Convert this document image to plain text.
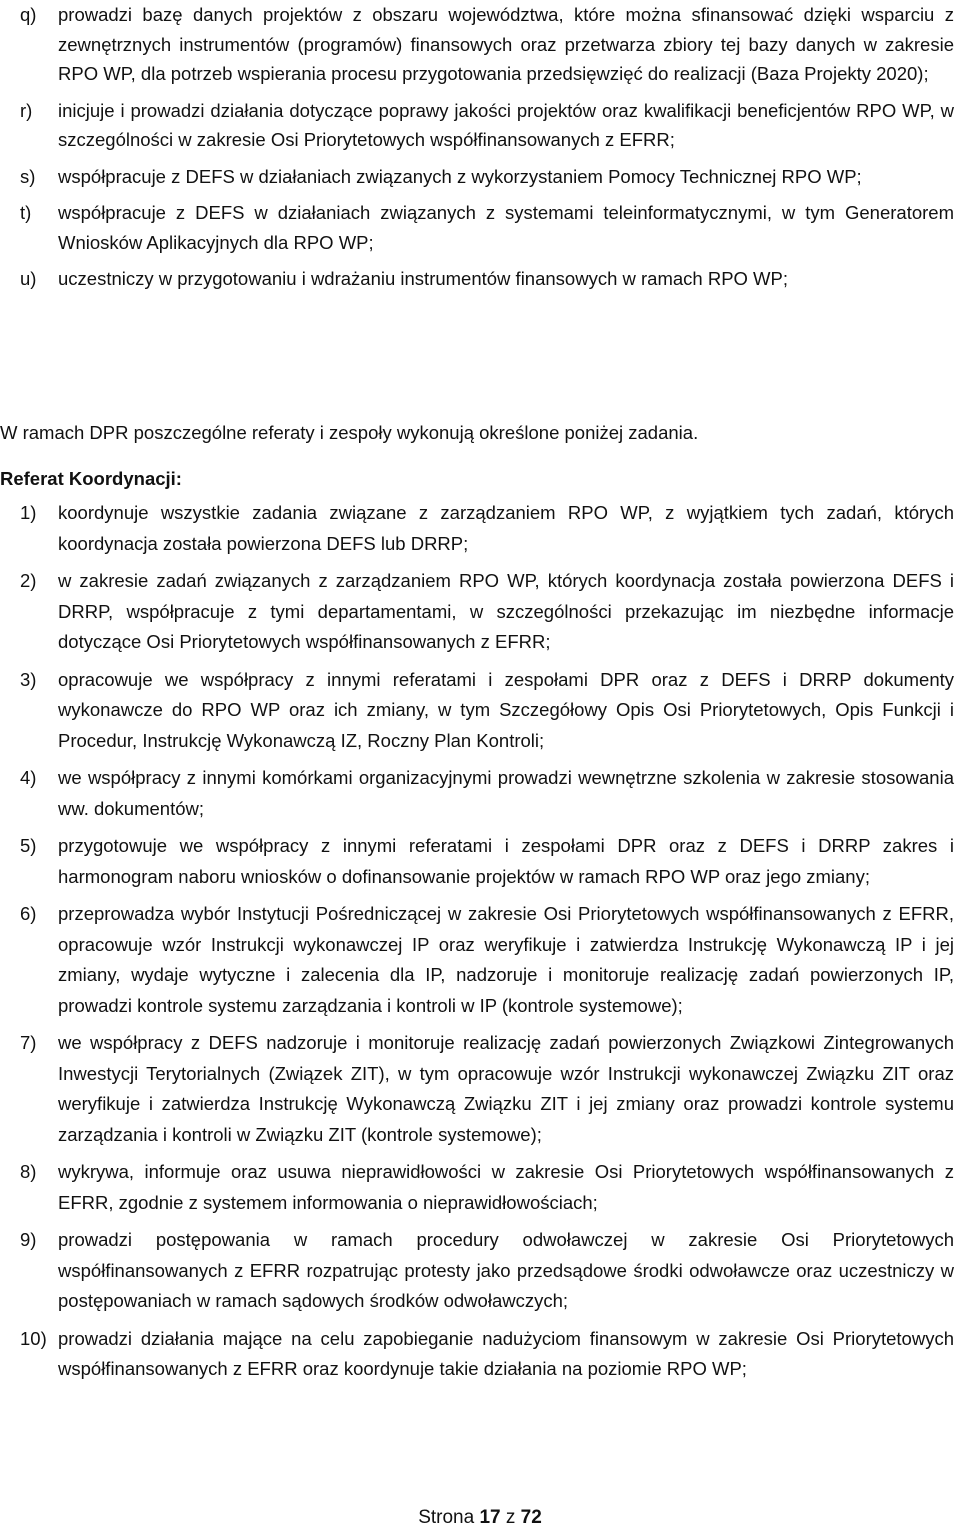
q)	prowadzi bazę danych projektów z obszaru województwa, które można sfinansować dzięki wsparciu z zewnętrznych instrumentów (programów) finansowych oraz przetwarza zbiory tej bazy danych w zakresie RPO WP, dla potrzeb wspierania procesu przygotowania przedsięwzięć do realizacji (Baza Projekty 2020);
r)	inicjuje i prowadzi działania dotyczące poprawy jakości projektów oraz kwalifikacji beneficjentów RPO WP, w szczególności w zakresie Osi Priorytetowych współfinansowanych z EFRR;
s)	współpracuje z DEFS w działaniach związanych z wykorzystaniem Pomocy Technicznej RPO WP;
t)	współpracuje z DEFS w działaniach związanych z systemami teleinformatycznymi, w tym Generatorem Wniosków Aplikacyjnych dla RPO WP;
u)	uczestniczy w przygotowaniu i wdrażaniu instrumentów finansowych w ramach RPO WP;

W ramach DPR poszczególne referaty i zespoły wykonują określone poniżej zadania.

Referat Koordynacji:

1)	koordynuje wszystkie zadania związane z zarządzaniem RPO WP, z wyjątkiem tych zadań, których koordynacja została powierzona DEFS lub DRRP;
2)	w zakresie zadań związanych z zarządzaniem RPO WP, których koordynacja została powierzona DEFS i DRRP, współpracuje z tymi departamentami, w szczególności przekazując im niezbędne informacje dotyczące Osi Priorytetowych współfinansowanych z EFRR;
3)	opracowuje we współpracy z innymi referatami i zespołami DPR oraz z DEFS i DRRP dokumenty wykonawcze do RPO WP oraz ich zmiany, w tym Szczegółowy Opis Osi Priorytetowych, Opis Funkcji i Procedur, Instrukcję Wykonawczą IZ, Roczny Plan Kontroli;
4)	we współpracy z innymi komórkami organizacyjnymi prowadzi wewnętrzne szkolenia w zakresie stosowania ww. dokumentów;
5)	przygotowuje we współpracy z innymi referatami i zespołami DPR oraz z DEFS i DRRP zakres i harmonogram naboru wniosków o dofinansowanie projektów w ramach RPO WP oraz jego zmiany;
6)	przeprowadza wybór Instytucji Pośredniczącej w zakresie Osi Priorytetowych współfinansowanych z EFRR, opracowuje wzór Instrukcji wykonawczej IP oraz weryfikuje i zatwierdza Instrukcję Wykonawczą IP i jej zmiany, wydaje wytyczne i zalecenia dla IP, nadzoruje i monitoruje realizację zadań powierzonych IP, prowadzi kontrole systemu zarządzania i kontroli w IP (kontrole systemowe);
7)	we współpracy z DEFS nadzoruje i monitoruje realizację zadań powierzonych Związkowi Zintegrowanych Inwestycji Terytorialnych (Związek ZIT), w tym opracowuje wzór Instrukcji wykonawczej Związku ZIT oraz weryfikuje i zatwierdza Instrukcję Wykonawczą Związku ZIT i jej zmiany oraz prowadzi kontrole systemu zarządzania i kontroli w Związku ZIT (kontrole systemowe);
8)	wykrywa, informuje oraz usuwa nieprawidłowości w zakresie Osi Priorytetowych współfinansowanych z EFRR, zgodnie z systemem informowania o nieprawidłowościach;
9)	prowadzi postępowania w ramach procedury odwoławczej w zakresie Osi Priorytetowych współfinansowanych z EFRR rozpatrując protesty jako przedsądowe środki odwoławcze oraz uczestniczy w postępowaniach w ramach sądowych środków odwoławczych;
10) prowadzi działania mające na celu zapobieganie nadużyciom finansowym w zakresie Osi Priorytetowych współfinansowanych z EFRR oraz koordynuje takie działania na poziomie RPO WP;
Strona 17 z 72
